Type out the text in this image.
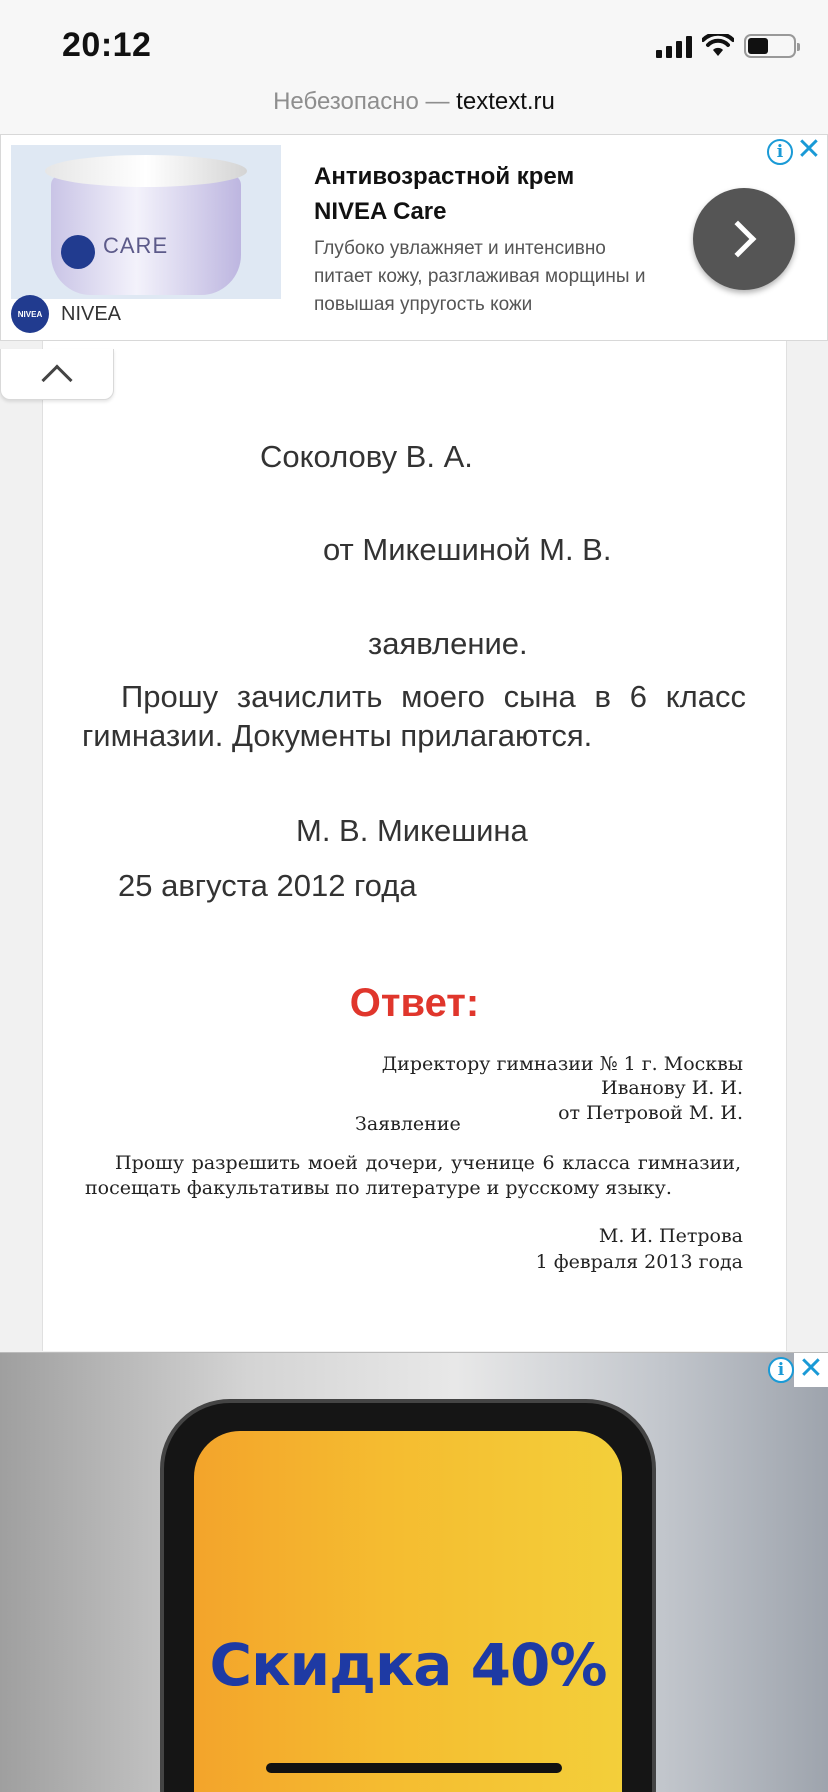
20:12
Небезопасно — textext.ru
CARE
NIVEA NIVEA
Антивозрастной крем NIVEA Care
Глубоко увлажняет и интенсивно питает кожу, разглаживая морщины и повышая упругость кожи
i ✕
Соколову В. А.
от Микешиной М. В.
заявление.
Прошу зачислить моего сына в 6 класс гимназии. Документы прилагаются.
М. В. Микешина
25 августа 2012 года
Ответ:
Директору гимназии № 1 г. Москвы
Иванову И. И.
от Петровой М. И.
Заявление
Прошу разрешить моей дочери, ученице 6 класса гимназии, посещать факультативы по литературе и русскому языку.
М. И. Петрова
1 февраля 2013 года
Скидка 40%
i ✕
